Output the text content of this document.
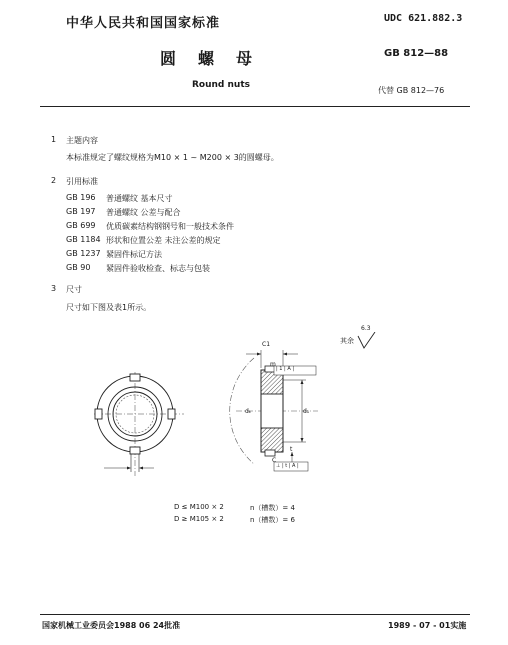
中华人民共和国国家标准	UDC 621.882.3
圆螺母	GB 812—88
Round nuts
代替 GB 812—76
1 主题内容
本标准规定了螺纹规格为M10 × 1 ~ M200 × 3的圆螺母。
2 引用标准
GB 196 普通螺纹 基本尺寸
GB 197 普通螺纹 公差与配合
GB 699 优质碳素结构钢钢号和一般技术条件
GB 1184 形状和位置公差 未注公差的规定
GB 1237 紧固件标记方法
GB 90 紧固件验收检查、标志与包装
3 尺寸
尺寸如下图及表1所示。
其余
6.3
C1
m
dₖ	d₁
C
t
| 1 | A |
⊥ | t | A |
D ≤ M100 × 2	n（槽数）= 4
D ≥ M105 × 2	n（槽数）= 6
国家机械工业委员会1988 06 24批准	1989 - 07 - 01实施
